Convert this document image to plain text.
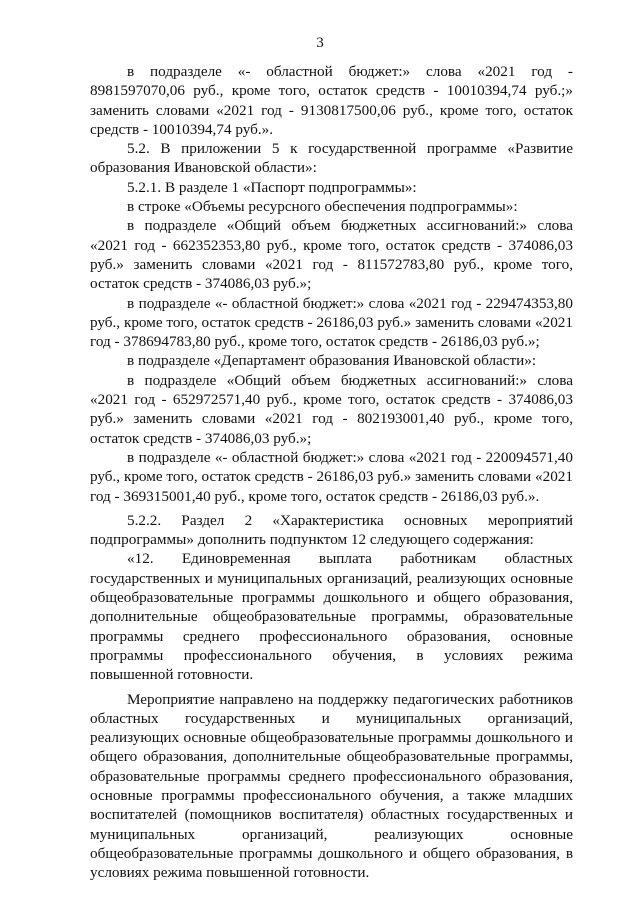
3

в подразделе «- областной бюджет:» слова «2021 год - 8981597070,06 руб., кроме того, остаток средств - 10010394,74 руб.;» заменить словами «2021 год - 9130817500,06 руб., кроме того, остаток средств - 10010394,74 руб.».

5.2. В приложении 5 к государственной программе «Развитие образования Ивановской области»:

5.2.1. В разделе 1 «Паспорт подпрограммы»:

в строке «Объемы ресурсного обеспечения подпрограммы»:

в подразделе «Общий объем бюджетных ассигнований:» слова «2021 год - 662352353,80 руб., кроме того, остаток средств - 374086,03 руб.» заменить словами «2021 год - 811572783,80 руб., кроме того, остаток средств - 374086,03 руб.»;

в подразделе «- областной бюджет:» слова «2021 год - 229474353,80 руб., кроме того, остаток средств - 26186,03 руб.» заменить словами «2021 год - 378694783,80 руб., кроме того, остаток средств - 26186,03 руб.»;

в подразделе «Департамент образования Ивановской области»:

в подразделе «Общий объем бюджетных ассигнований:» слова «2021 год - 652972571,40 руб., кроме того, остаток средств - 374086,03 руб.» заменить словами «2021 год - 802193001,40 руб., кроме того, остаток средств - 374086,03 руб.»;

в подразделе «- областной бюджет:» слова «2021 год - 220094571,40 руб., кроме того, остаток средств - 26186,03 руб.» заменить словами «2021 год - 369315001,40 руб., кроме того, остаток средств - 26186,03 руб.».

5.2.2. Раздел 2 «Характеристика основных мероприятий подпрограммы» дополнить подпунктом 12 следующего содержания:

«12. Единовременная выплата работникам областных государственных и муниципальных организаций, реализующих основные общеобразовательные программы дошкольного и общего образования, дополнительные общеобразовательные программы, образовательные программы среднего профессионального образования, основные программы профессионального обучения, в условиях режима повышенной готовности.

Мероприятие направлено на поддержку педагогических работников областных государственных и муниципальных организаций, реализующих основные общеобразовательные программы дошкольного и общего образования, дополнительные общеобразовательные программы, образовательные программы среднего профессионального образования, основные программы профессионального обучения, а также младших воспитателей (помощников воспитателя) областных государственных и муниципальных организаций, реализующих основные общеобразовательные программы дошкольного и общего образования, в условиях режима повышенной готовности.
